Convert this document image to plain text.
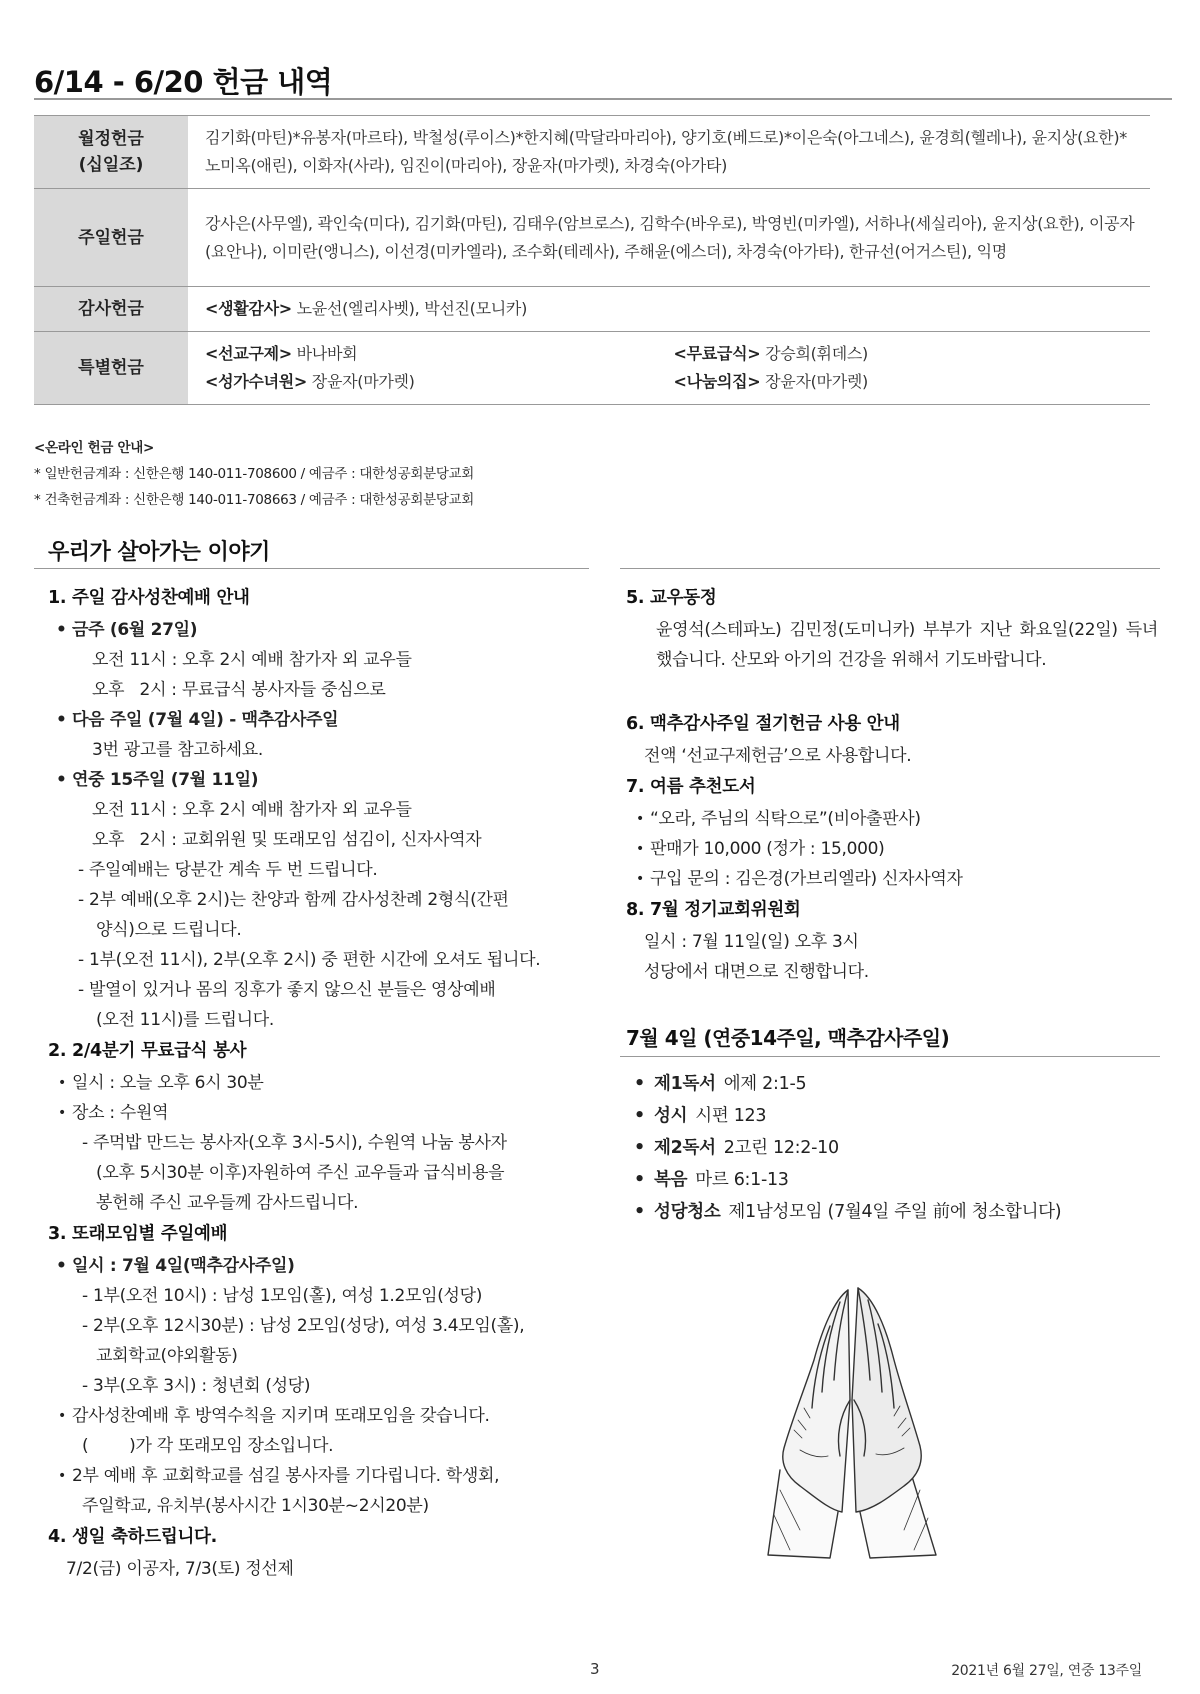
6/14 - 6/20 헌금 내역
월정헌금
(십일조)	김기화(마틴)*유봉자(마르타), 박철성(루이스)*한지혜(막달라마리아), 양기호(베드로)*이은숙(아그네스), 윤경희(헬레나), 윤지상(요한)*노미옥(애린), 이화자(사라), 임진이(마리아), 장윤자(마가렛), 차경숙(아가타)
주일헌금	강사은(사무엘), 곽인숙(미다), 김기화(마틴), 김태우(암브로스), 김학수(바우로), 박영빈(미카엘), 서하나(세실리아), 윤지상(요한), 이공자(요안나), 이미란(앵니스), 이선경(미카엘라), 조수화(테레사), 주해윤(에스더), 차경숙(아가타), 한규선(어거스틴), 익명
감사헌금	<생활감사> 노윤선(엘리사벳), 박선진(모니카)
특별헌금	<선교구제> 바나바회 <무료급식> 강승희(휘데스)
<성가수녀원> 장윤자(마가렛) <나눔의집> 장윤자(마가렛)
<온라인 헌금 안내>
* 일반헌금계좌 : 신한은행 140-011-708600 / 예금주 : 대한성공회분당교회
* 건축헌금계좌 : 신한은행 140-011-708663 / 예금주 : 대한성공회분당교회
우리가 살아가는 이야기
1. 주일 감사성찬예배 안내
• 금주 (6월 27일)
오전 11시 : 오후 2시 예배 참가자 외 교우들
오후   2시 : 무료급식 봉사자들 중심으로
• 다음 주일 (7월 4일) - 맥추감사주일
3번 광고를 참고하세요.
• 연중 15주일 (7월 11일)
오전 11시 : 오후 2시 예배 참가자 외 교우들
오후   2시 : 교회위원 및 또래모임 섬김이, 신자사역자
- 주일예배는 당분간 계속 두 번 드립니다.
- 2부 예배(오후 2시)는 찬양과 함께 감사성찬례 2형식(간편
양식)으로 드립니다.
- 1부(오전 11시), 2부(오후 2시) 중 편한 시간에 오셔도 됩니다.
- 발열이 있거나 몸의 징후가 좋지 않으신 분들은 영상예배
(오전 11시)를 드립니다.
2. 2/4분기 무료급식 봉사
• 일시 : 오늘 오후 6시 30분
• 장소 : 수원역
- 주먹밥 만드는 봉사자(오후 3시-5시), 수원역 나눔 봉사자
(오후 5시30분 이후)자원하여 주신 교우들과 급식비용을
봉헌해 주신 교우들께 감사드립니다.
3. 또래모임별 주일예배
• 일시 : 7월 4일(맥추감사주일)
- 1부(오전 10시) : 남성 1모임(홀), 여성 1.2모임(성당)
- 2부(오후 12시30분) : 남성 2모임(성당), 여성 3.4모임(홀),
교회학교(야외활동)
- 3부(오후 3시) : 청년회 (성당)
• 감사성찬예배 후 방역수칙을 지키며 또래모임을 갖습니다.
(        )가 각 또래모임 장소입니다.
• 2부 예배 후 교회학교를 섬길 봉사자를 기다립니다. 학생회,
주일학교, 유치부(봉사시간 1시30분~2시20분)
4. 생일 축하드립니다.
7/2(금) 이공자, 7/3(토) 정선제
5. 교우동정
윤영석(스테파노) 김민정(도미니카) 부부가 지난 화요일(22일) 득녀했습니다. 산모와 아기의 건강을 위해서 기도바랍니다.
6. 맥추감사주일 절기헌금 사용 안내
전액 ‘선교구제헌금’으로 사용합니다.
7. 여름 추천도서
• “오라, 주님의 식탁으로”(비아출판사)
• 판매가 10,000 (정가 : 15,000)
• 구입 문의 : 김은경(가브리엘라) 신자사역자
8. 7월 정기교회위원회
일시 : 7월 11일(일) 오후 3시
성당에서 대면으로 진행합니다.
7월 4일 (연중14주일, 맥추감사주일)
• 제1독서 에제 2:1-5
• 성시 시편 123
• 제2독서 2고린 12:2-10
• 복음 마르 6:1-13
• 성당청소 제1남성모임 (7월4일 주일 前에 청소합니다)
3	2021년 6월 27일, 연중 13주일
